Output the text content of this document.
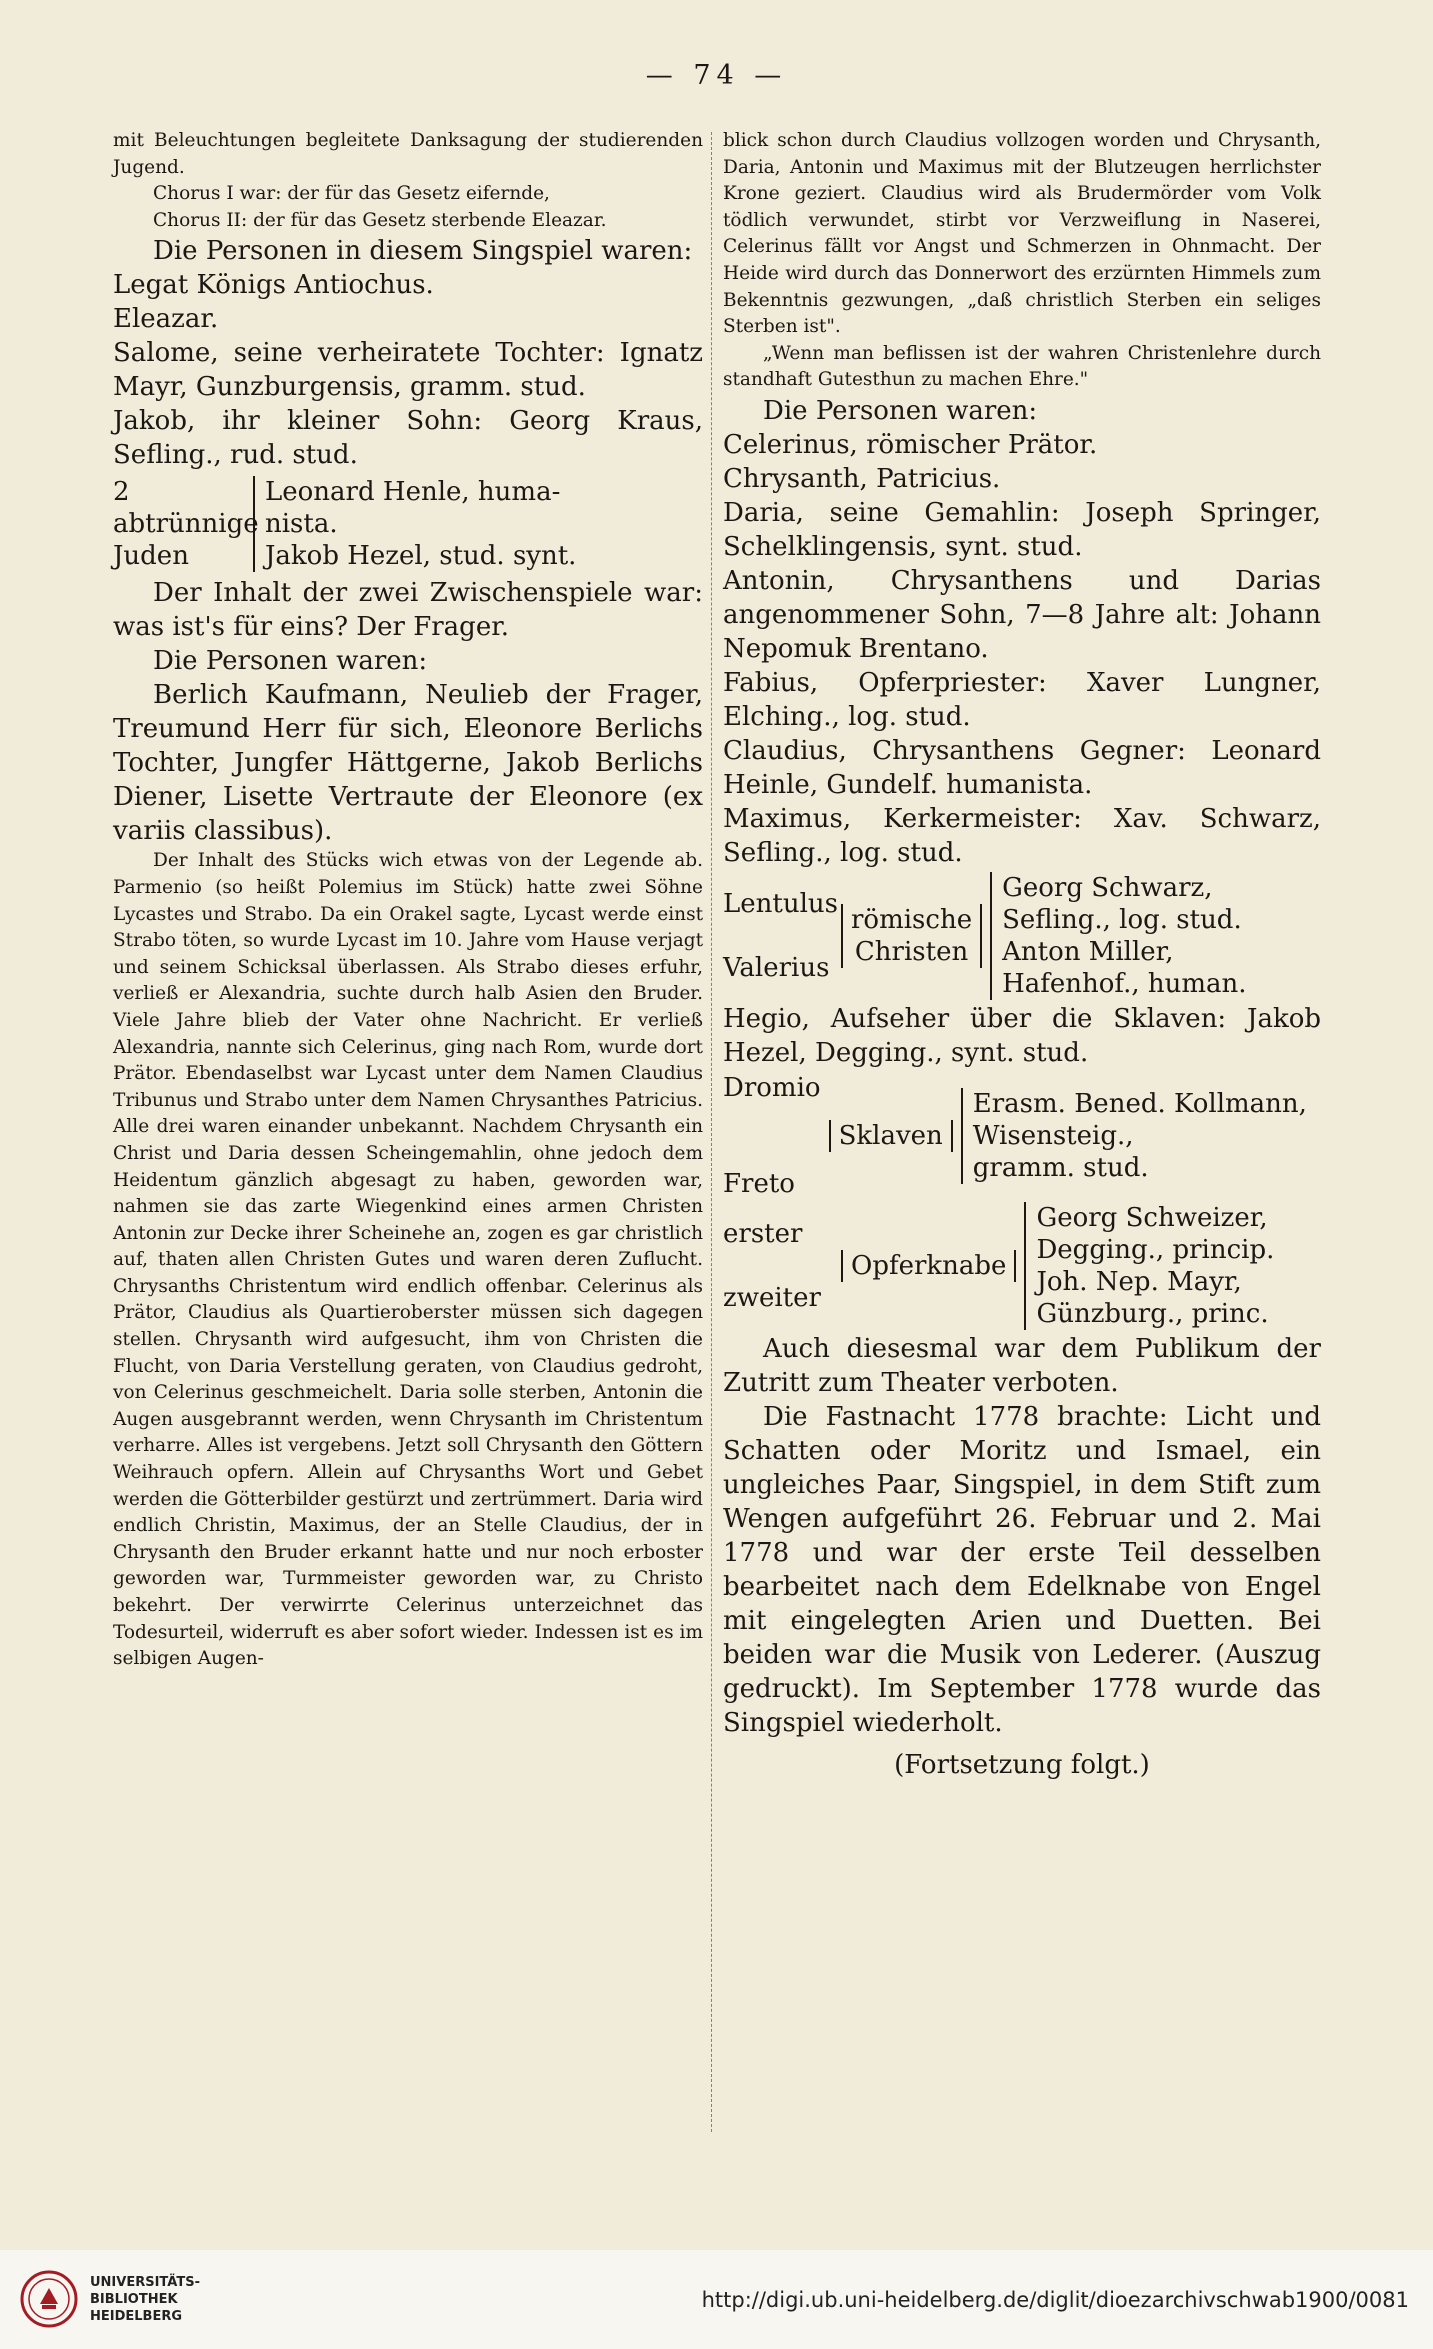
— 74 —

mit Beleuchtungen begleitete Danksagung der studierenden Jugend.

Chorus I war: der für das Gesetz eifernde,

Chorus II: der für das Gesetz sterbende Eleazar.

Die Personen in diesem Singspiel waren:

Legat Königs Antiochus.

Eleazar.

Salome, seine verheiratete Tochter: Ignatz Mayr, Gunzburgensis, gramm. stud.

Jakob, ihr kleiner Sohn: Georg Kraus, Sefling., rud. stud.

2 abtrünnige
Juden
Leonard Henle, huma-
nista.
Jakob Hezel, stud. synt.

Der Inhalt der zwei Zwischenspiele war: was ist's für eins? Der Frager.

Die Personen waren:

Berlich Kaufmann, Neulieb der Frager, Treumund Herr für sich, Eleonore Berlichs Tochter, Jungfer Hättgerne, Jakob Berlichs Diener, Lisette Vertraute der Eleonore (ex variis classibus).

Der Inhalt des Stücks wich etwas von der Legende ab. Parmenio (so heißt Polemius im Stück) hatte zwei Söhne Lycastes und Strabo. Da ein Orakel sagte, Lycast werde einst Strabo töten, so wurde Lycast im 10. Jahre vom Hause verjagt und seinem Schicksal überlassen. Als Strabo dieses erfuhr, verließ er Alexandria, suchte durch halb Asien den Bruder. Viele Jahre blieb der Vater ohne Nachricht. Er verließ Alexandria, nannte sich Celerinus, ging nach Rom, wurde dort Prätor. Ebendaselbst war Lycast unter dem Namen Claudius Tribunus und Strabo unter dem Namen Chrysanthes Patricius. Alle drei waren einander unbekannt. Nachdem Chrysanth ein Christ und Daria dessen Scheingemahlin, ohne jedoch dem Heidentum gänzlich abgesagt zu haben, geworden war, nahmen sie das zarte Wiegenkind eines armen Christen Antonin zur Decke ihrer Scheinehe an, zogen es gar christlich auf, thaten allen Christen Gutes und waren deren Zuflucht. Chrysanths Christentum wird endlich offenbar. Celerinus als Prätor, Claudius als Quartieroberster müssen sich dagegen stellen. Chrysanth wird aufgesucht, ihm von Christen die Flucht, von Daria Verstellung geraten, von Claudius gedroht, von Celerinus geschmeichelt. Daria solle sterben, Antonin die Augen ausgebrannt werden, wenn Chrysanth im Christentum verharre. Alles ist vergebens. Jetzt soll Chrysanth den Göttern Weihrauch opfern. Allein auf Chrysanths Wort und Gebet werden die Götterbilder gestürzt und zertrümmert. Daria wird endlich Christin, Maximus, der an Stelle Claudius, der in Chrysanth den Bruder erkannt hatte und nur noch erboster geworden war, Turmmeister geworden war, zu Christo bekehrt. Der verwirrte Celerinus unterzeichnet das Todesurteil, widerruft es aber sofort wieder. Indessen ist es im selbigen Augen-

blick schon durch Claudius vollzogen worden und Chrysanth, Daria, Antonin und Maximus mit der Blutzeugen herrlichster Krone geziert. Claudius wird als Brudermörder vom Volk tödlich verwundet, stirbt vor Verzweiflung in Naserei, Celerinus fällt vor Angst und Schmerzen in Ohnmacht. Der Heide wird durch das Donnerwort des erzürnten Himmels zum Bekenntnis gezwungen, „daß christlich Sterben ein seliges Sterben ist".

„Wenn man beflissen ist der wahren Christenlehre durch standhaft Gutesthun zu machen Ehre."

Die Personen waren:

Celerinus, römischer Prätor.

Chrysanth, Patricius.

Daria, seine Gemahlin: Joseph Springer, Schelklingensis, synt. stud.

Antonin, Chrysanthens und Darias angenommener Sohn, 7—8 Jahre alt: Johann Nepomuk Brentano.

Fabius, Opferpriester: Xaver Lungner, Elching., log. stud.

Claudius, Chrysanthens Gegner: Leonard Heinle, Gundelf. humanista.

Maximus, Kerkermeister: Xav. Schwarz, Sefling., log. stud.

Lentulus

Valerius
römische
Christen
Georg Schwarz,
Sefling., log. stud.
Anton Miller,
Hafenhof., human.

Hegio, Aufseher über die Sklaven: Jakob Hezel, Degging., synt. stud.

Dromio

Freto
Sklaven
Erasm. Bened. Kollmann, Wisensteig.,
gramm. stud.
erster

zweiter
Opferknabe
Georg Schweizer,
Degging., princip.
Joh. Nep. Mayr,
Günzburg., princ.

Auch diesesmal war dem Publikum der Zutritt zum Theater verboten.

Die Fastnacht 1778 brachte: Licht und Schatten oder Moritz und Ismael, ein ungleiches Paar, Singspiel, in dem Stift zum Wengen aufgeführt 26. Februar und 2. Mai 1778 und war der erste Teil desselben bearbeitet nach dem Edelknabe von Engel mit eingelegten Arien und Duetten. Bei beiden war die Musik von Lederer. (Auszug gedruckt). Im September 1778 wurde das Singspiel wiederholt.

(Fortsetzung folgt.)

UNIVERSITÄTS-
BIBLIOTHEK
HEIDELBERG
http://digi.ub.uni-heidelberg.de/diglit/dioezarchivschwab1900/0081
